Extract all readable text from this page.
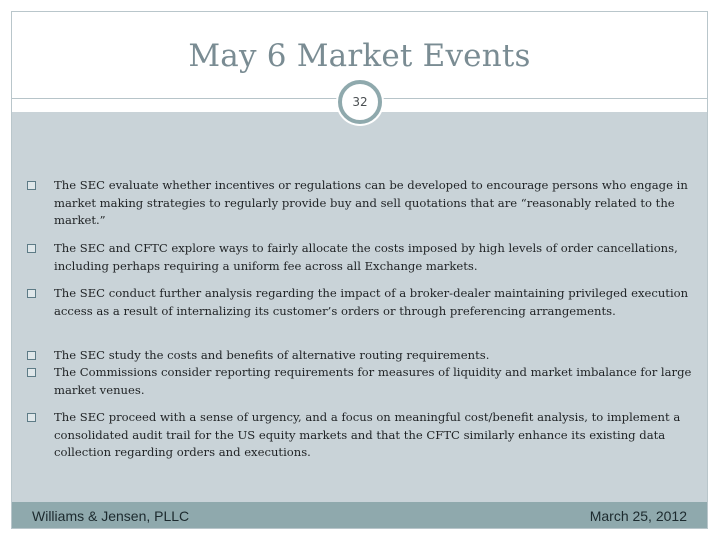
May 6 Market Events
32
The SEC evaluate whether incentives or regulations can be developed to encourage persons who engage in market making strategies to regularly provide buy and sell quotations that are “reasonably related to the market.”
The SEC and CFTC explore ways to fairly allocate the costs imposed by high levels of order cancellations, including perhaps requiring a uniform fee across all Exchange markets.
The SEC conduct further analysis regarding the impact of a broker-dealer maintaining privileged execution access as a result of internalizing its customer’s orders or through preferencing arrangements.
The SEC study the costs and benefits of alternative routing requirements.
The Commissions consider reporting requirements for measures of liquidity and market imbalance for large market venues.
The SEC proceed with a sense of urgency, and a focus on meaningful cost/benefit analysis, to implement a consolidated audit trail for the US equity markets and that the CFTC similarly enhance its existing data collection regarding orders and executions.
Williams & Jensen, PLLC	March 25, 2012
